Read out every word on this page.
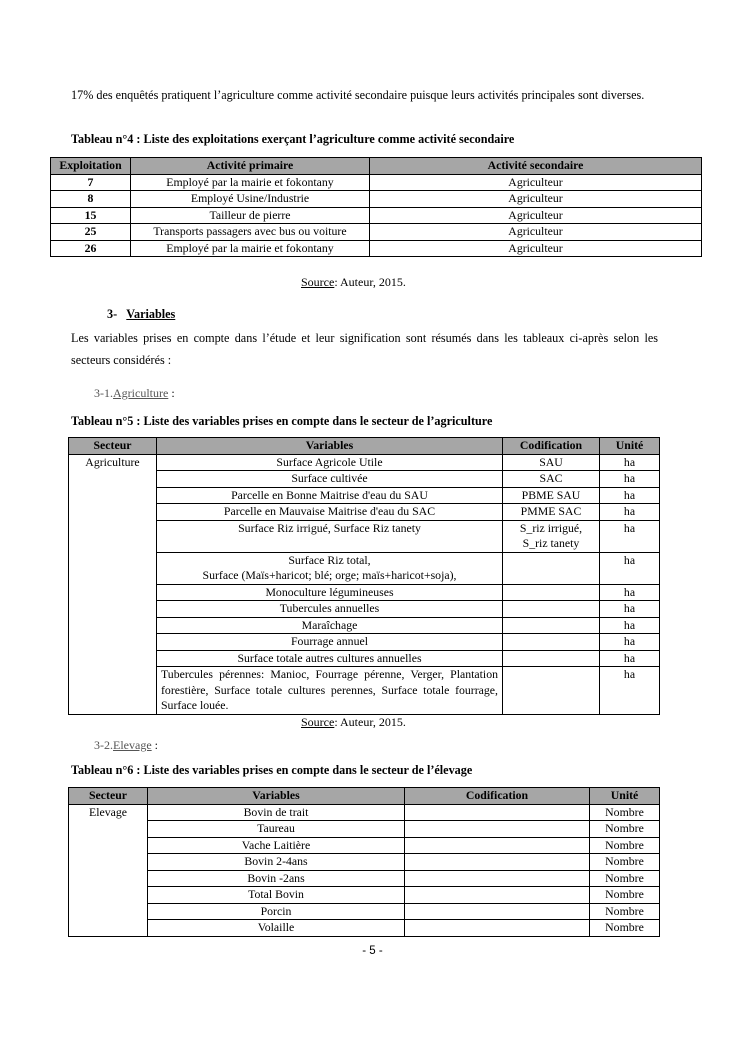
17% des enquêtés pratiquent l’agriculture comme activité secondaire puisque leurs activités principales sont diverses.

Tableau n°4 : Liste des exploitations exerçant l’agriculture comme activité secondaire
Exploitation	Activité primaire	Activité secondaire
7	Employé par la mairie et fokontany	Agriculteur
8	Employé Usine/Industrie	Agriculteur
15	Tailleur de pierre	Agriculteur
25	Transports passagers avec bus ou voiture	Agriculteur
26	Employé par la mairie et fokontany	Agriculteur
Source: Auteur, 2015.
3- Variables

Les variables prises en compte dans l’étude et leur signification sont résumés dans les tableaux ci-après selon les secteurs considérés :

3-1.Agriculture :
Tableau n°5 : Liste des variables prises en compte dans le secteur de l’agriculture
Secteur	Variables	Codification	Unité
Agriculture	Surface Agricole Utile	SAU	ha
	Surface cultivée	SAC	ha
	Parcelle en Bonne Maitrise d'eau du SAU	PBME SAU	ha
	Parcelle en Mauvaise Maitrise d'eau du SAC	PMME SAC	ha
	Surface Riz irrigué, Surface Riz tanety	S_riz irrigué,
S_riz tanety	ha

	Surface Riz total,
Surface (Maïs+haricot; blé; orge; maïs+haricot+soja),		ha
	Monoculture légumineuses		ha
	Tubercules annuelles		ha
	Maraîchage		ha
	Fourrage annuel		ha
	Surface totale autres cultures annuelles		ha
	Tubercules pérennes: Manioc, Fourrage pérenne, Verger, Plantation forestière, Surface totale cultures perennes, Surface totale fourrage, Surface louée.		ha
Source: Auteur, 2015.
3-2.Elevage :
Tableau n°6 : Liste des variables prises en compte dans le secteur de l’élevage
Secteur	Variables	Codification	Unité
Elevage	Bovin de trait		Nombre
	Taureau		Nombre
	Vache Laitière		Nombre
	Bovin 2-4ans		Nombre
	Bovin -2ans		Nombre
	Total Bovin		Nombre
	Porcin		Nombre
	Volaille		Nombre
- 5 -
